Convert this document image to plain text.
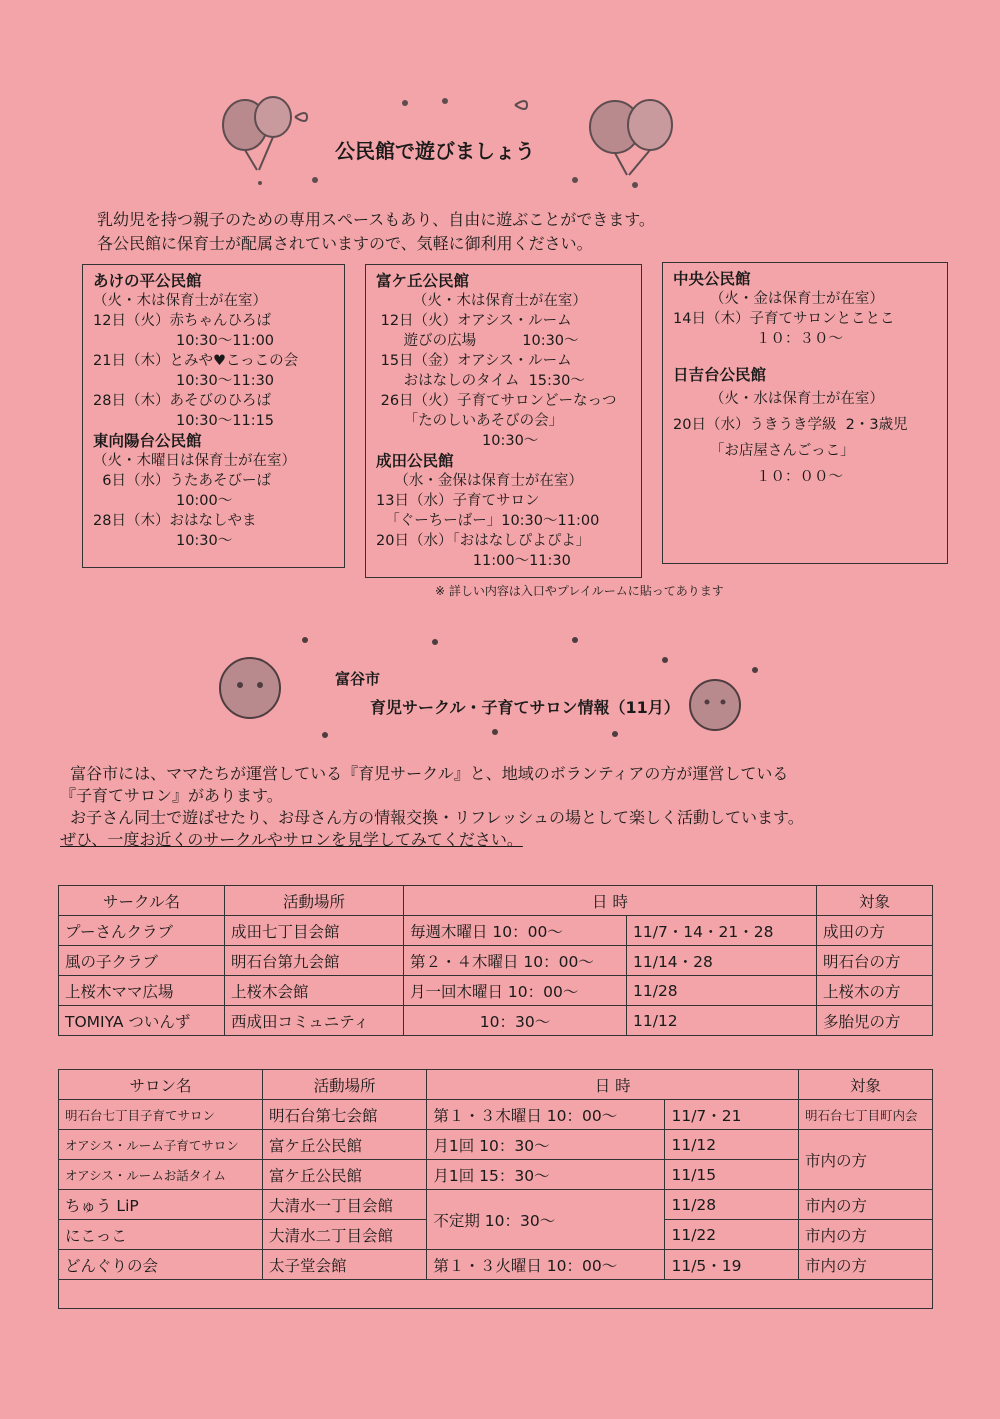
公民館で遊びましょう
乳幼児を持つ親子のための専用スペースもあり、自由に遊ぶことができます。
各公民館に保育士が配属されていますので、気軽に御利用ください。
あけの平公民館

（火・木は保育士が在室）

12日（火）赤ちゃんひろば

10:30～11:00

21日（木）とみや♥こっこの会

10:30～11:30

28日（木）あそびのひろば

10:30～11:15

東向陽台公民館

（火・木曜日は保育士が在室）

6日（水）うたあそびーば

10:00～

28日（木）おはなしやま

10:30～

富ケ丘公民館

（火・木は保育士が在室）

12日（火）オアシス・ルーム

遊びの広場          10:30～

15日（金）オアシス・ルーム

おはなしのタイム  15:30～

26日（火）子育てサロンどーなっつ

「たのしいあそびの会」

10:30～

成田公民館

（水・金保は保育士が在室）

13日（水）子育てサロン

「ぐーちーばー」10:30～11:00

20日（水）「おはなしぴよぴよ」

11:00～11:30

中央公民館

（火・金は保育士が在室）

14日（木）子育てサロンとことこ

１０：３０～

日吉台公民館

（火・水は保育士が在室）

20日（水）うきうき学級  2・3歳児

「お店屋さんごっこ」

１０：００～

※ 詳しい内容は入口やプレイルームに貼ってあります
富谷市
育児サークル・子育てサロン情報（11月）

富谷市には、ママたちが運営している『育児サークル』と、地域のボランティアの方が運営している

『子育てサロン』があります。

お子さん同士で遊ばせたり、お母さん方の情報交換・リフレッシュの場として楽しく活動しています。

ぜひ、一度お近くのサークルやサロンを見学してみてください。

サークル名	活動場所	日 時		対象
プーさんクラブ	成田七丁目会館	毎週木曜日 10：00～	11/7・14・21・28	成田の方
風の子クラブ	明石台第九会館	第２・４木曜日 10：00～	11/14・28	明石台の方
上桜木ママ広場	上桜木会館	月一回木曜日 10：00～	11/28	上桜木の方
TOMIYA ついんず	西成田コミュニティ	10：30～	11/12	多胎児の方
サロン名	活動場所	日 時		対象
明石台七丁目子育てサロン	明石台第七会館	第１・３木曜日 10：00～	11/7・21	明石台七丁目町内会
オアシス・ルーム子育てサロン	富ケ丘公民館	月1回 10：30～	11/12	市内の方
オアシス・ルームお話タイム	富ケ丘公民館	月1回 15：30～	11/15	
ちゅう LiP	大清水一丁目会館	不定期 10：30～	11/28	市内の方
にこっこ	大清水二丁目会館		11/22	市内の方
どんぐりの会	太子堂会館	第１・３火曜日 10：00～	11/5・19	市内の方
